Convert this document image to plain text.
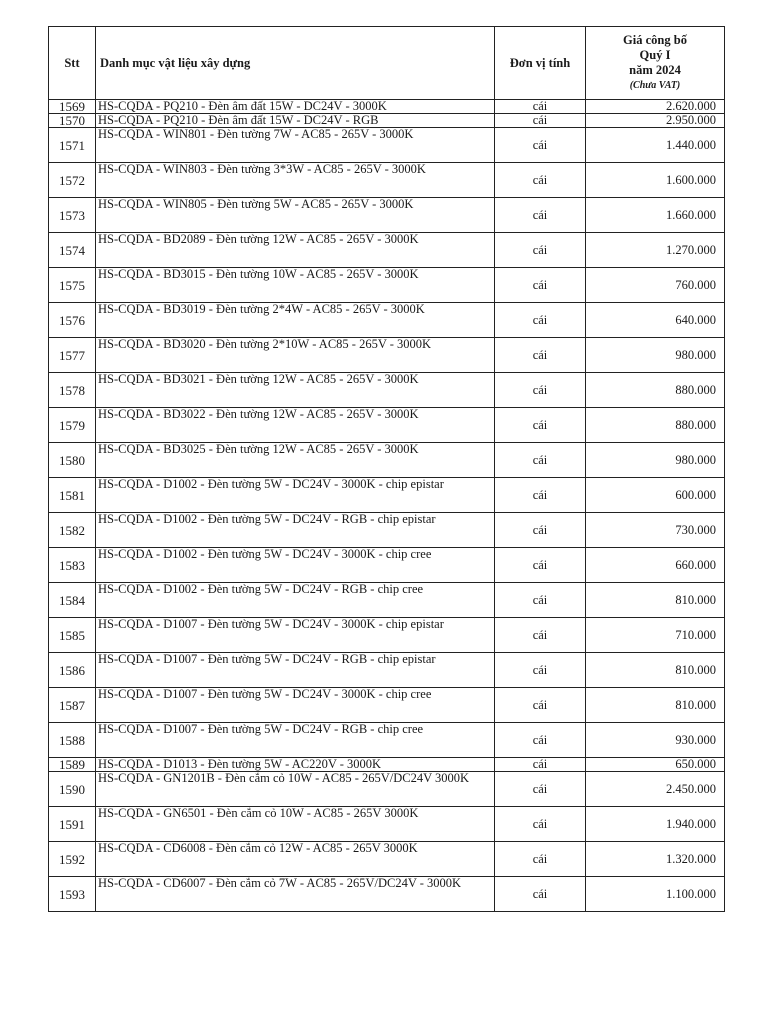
Stt	Danh mục vật liệu xây dựng	Đơn vị tính	Giá công bố
Quý I
năm 2024
(Chưa VAT)

1569	HS-CQDA - PQ210 - Đèn âm đất 15W - DC24V - 3000K	cái	2.620.000
1570	HS-CQDA - PQ210 - Đèn âm đất 15W - DC24V - RGB	cái	2.950.000
1571	HS-CQDA - WIN801 - Đèn tường 7W - AC85 - 265V - 3000K	cái	1.440.000
1572	HS-CQDA - WIN803 - Đèn tường 3*3W - AC85 - 265V - 3000K	cái	1.600.000
1573	HS-CQDA - WIN805 - Đèn tường 5W - AC85 - 265V - 3000K	cái	1.660.000
1574	HS-CQDA - BD2089 - Đèn tường 12W - AC85 - 265V - 3000K	cái	1.270.000
1575	HS-CQDA - BD3015 - Đèn tường 10W - AC85 - 265V - 3000K	cái	760.000
1576	HS-CQDA - BD3019 - Đèn tường 2*4W - AC85 - 265V - 3000K	cái	640.000
1577	HS-CQDA - BD3020 - Đèn tường 2*10W - AC85 - 265V - 3000K	cái	980.000
1578	HS-CQDA - BD3021 - Đèn tường 12W - AC85 - 265V - 3000K	cái	880.000
1579	HS-CQDA - BD3022 - Đèn tường 12W - AC85 - 265V - 3000K	cái	880.000
1580	HS-CQDA - BD3025 - Đèn tường 12W - AC85 - 265V - 3000K	cái	980.000
1581	HS-CQDA - D1002 - Đèn tường 5W - DC24V - 3000K - chip epistar	cái	600.000
1582	HS-CQDA - D1002 - Đèn tường 5W - DC24V - RGB - chip epistar	cái	730.000
1583	HS-CQDA - D1002 - Đèn tường 5W - DC24V - 3000K - chip cree	cái	660.000
1584	HS-CQDA - D1002 - Đèn tường 5W - DC24V - RGB - chip cree	cái	810.000
1585	HS-CQDA - D1007 - Đèn tường 5W - DC24V - 3000K - chip epistar	cái	710.000
1586	HS-CQDA - D1007 - Đèn tường 5W - DC24V - RGB - chip epistar	cái	810.000
1587	HS-CQDA - D1007 - Đèn tường 5W - DC24V - 3000K - chip cree	cái	810.000
1588	HS-CQDA - D1007 - Đèn tường 5W - DC24V - RGB - chip cree	cái	930.000
1589	HS-CQDA - D1013 - Đèn tường 5W - AC220V - 3000K	cái	650.000
1590	HS-CQDA - GN1201B - Đèn cắm cỏ 10W - AC85 - 265V/DC24V 3000K	cái	2.450.000
1591	HS-CQDA - GN6501 - Đèn cắm cỏ 10W - AC85 - 265V 3000K	cái	1.940.000
1592	HS-CQDA - CD6008 - Đèn cắm cỏ 12W - AC85 - 265V 3000K	cái	1.320.000
1593	HS-CQDA - CD6007 - Đèn cắm cỏ 7W - AC85 - 265V/DC24V - 3000K	cái	1.100.000
